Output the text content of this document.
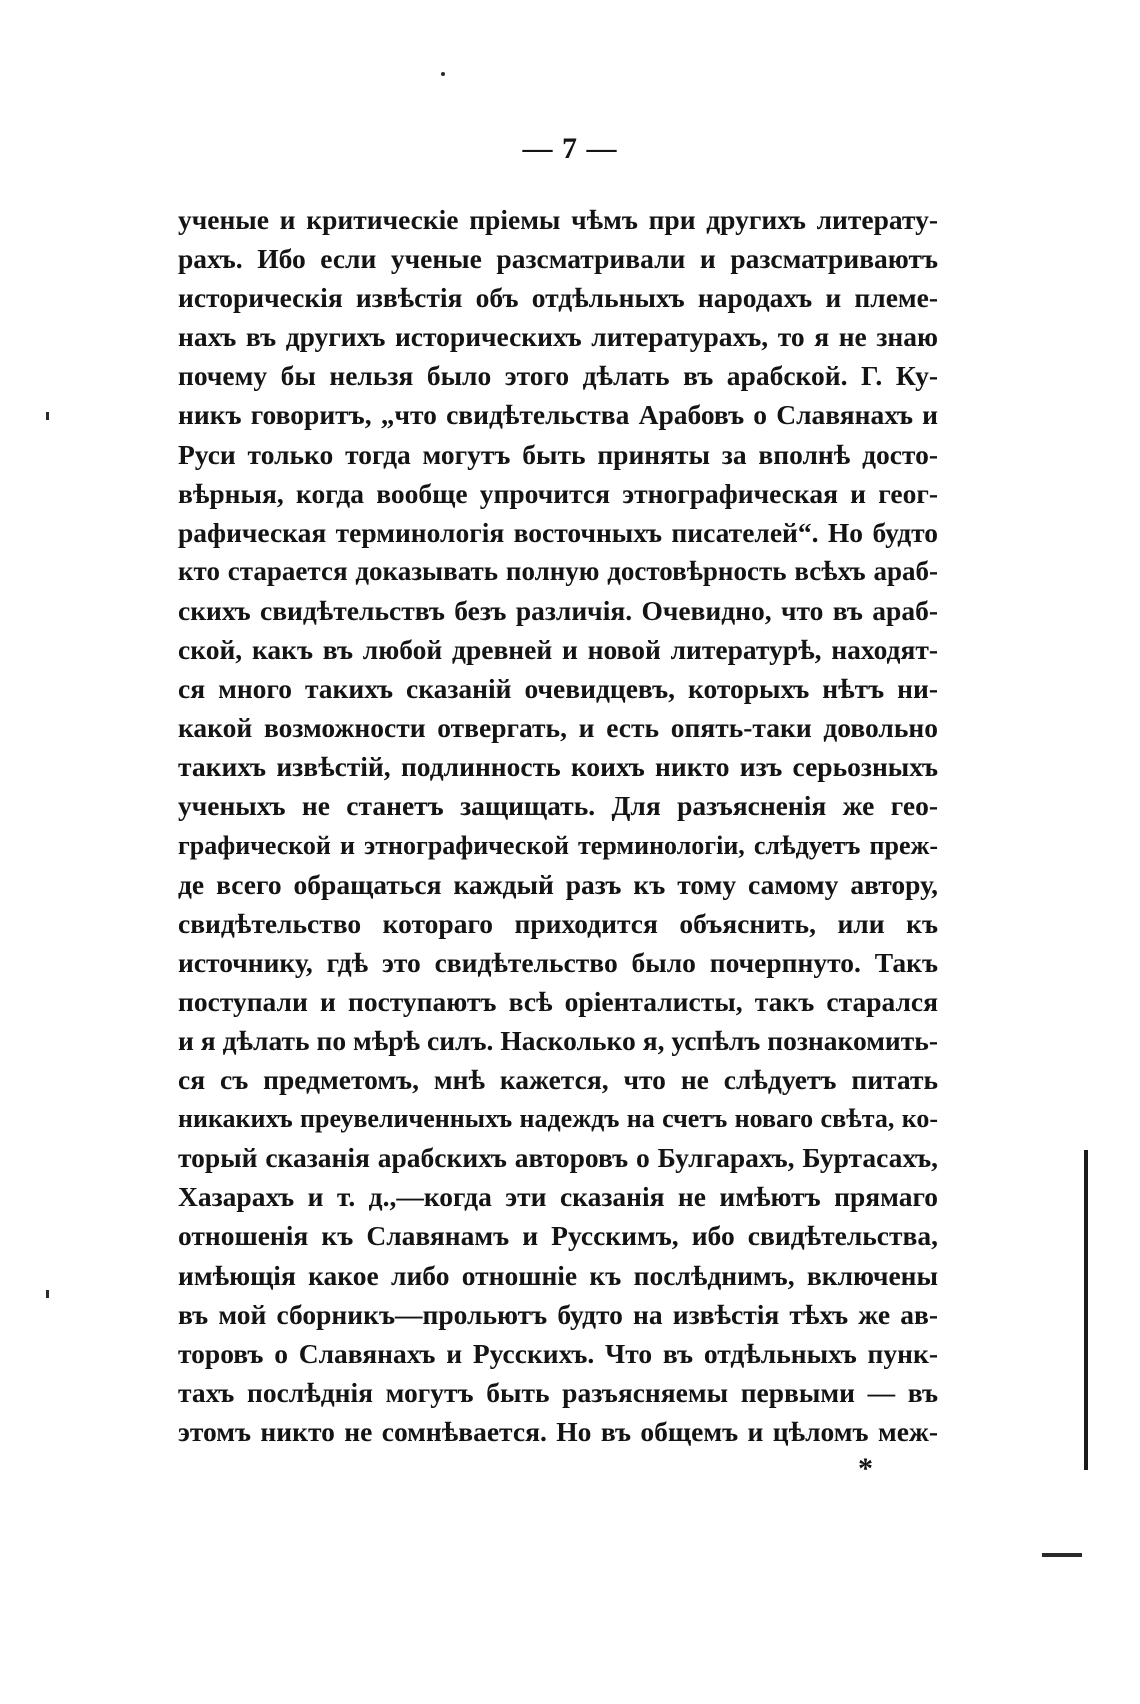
— 7 —
ученые и критическіе пріемы чѣмъ при другихъ литерату-
рахъ. Ибо если ученые разсматривали и разсматриваютъ
историческія извѣстія объ отдѣльныхъ народахъ и племе-
нахъ въ другихъ историческихъ литературахъ, то я не знаю
почему бы нельзя было этого дѣлать въ арабской. Г. Ку-
никъ говоритъ, „что свидѣтельства Арабовъ о Славянахъ и
Руси только тогда могутъ быть приняты за вполнѣ досто-
вѣрныя, когда вообще упрочится этнографическая и геог-
рафическая терминологія восточныхъ писателей“. Но будто
кто старается доказывать полную достовѣрность всѣхъ араб-
скихъ свидѣтельствъ безъ различія. Очевидно, что въ араб-
ской, какъ въ любой древней и новой литературѣ, находят-
ся много такихъ сказаній очевидцевъ, которыхъ нѣтъ ни-
какой возможности отвергать, и есть опять-таки довольно
такихъ извѣстій, подлинность коихъ никто изъ серьозныхъ
ученыхъ не станетъ защищать. Для разъясненія же гео-
графической и этнографической терминологіи, слѣдуетъ преж-
де всего обращаться каждый разъ къ тому самому автору,
свидѣтельство котораго приходится объяснить, или къ
источнику, гдѣ это свидѣтельство было почерпнуто. Такъ
поступали и поступаютъ всѣ оріенталисты, такъ старался
и я дѣлать по мѣрѣ силъ. Насколько я, успѣлъ познакомить-
ся съ предметомъ, мнѣ кажется, что не слѣдуетъ питать
никакихъ преувеличенныхъ надеждъ на счетъ новаго свѣта, ко-
торый сказанія арабскихъ авторовъ о Булгарахъ, Буртасахъ,
Хазарахъ и т. д.,—когда эти сказанія не имѣютъ прямаго
отношенія къ Славянамъ и Русскимъ, ибо свидѣтельства,
имѣющія какое либо отношніе къ послѣднимъ, включены
въ мой сборникъ—прольютъ будто на извѣстія тѣхъ же ав-
торовъ о Славянахъ и Русскихъ. Что въ отдѣльныхъ пунк-
тахъ послѣднія могутъ быть разъясняемы первыми — въ
этомъ никто не сомнѣвается. Но въ общемъ и цѣломъ меж-
*
